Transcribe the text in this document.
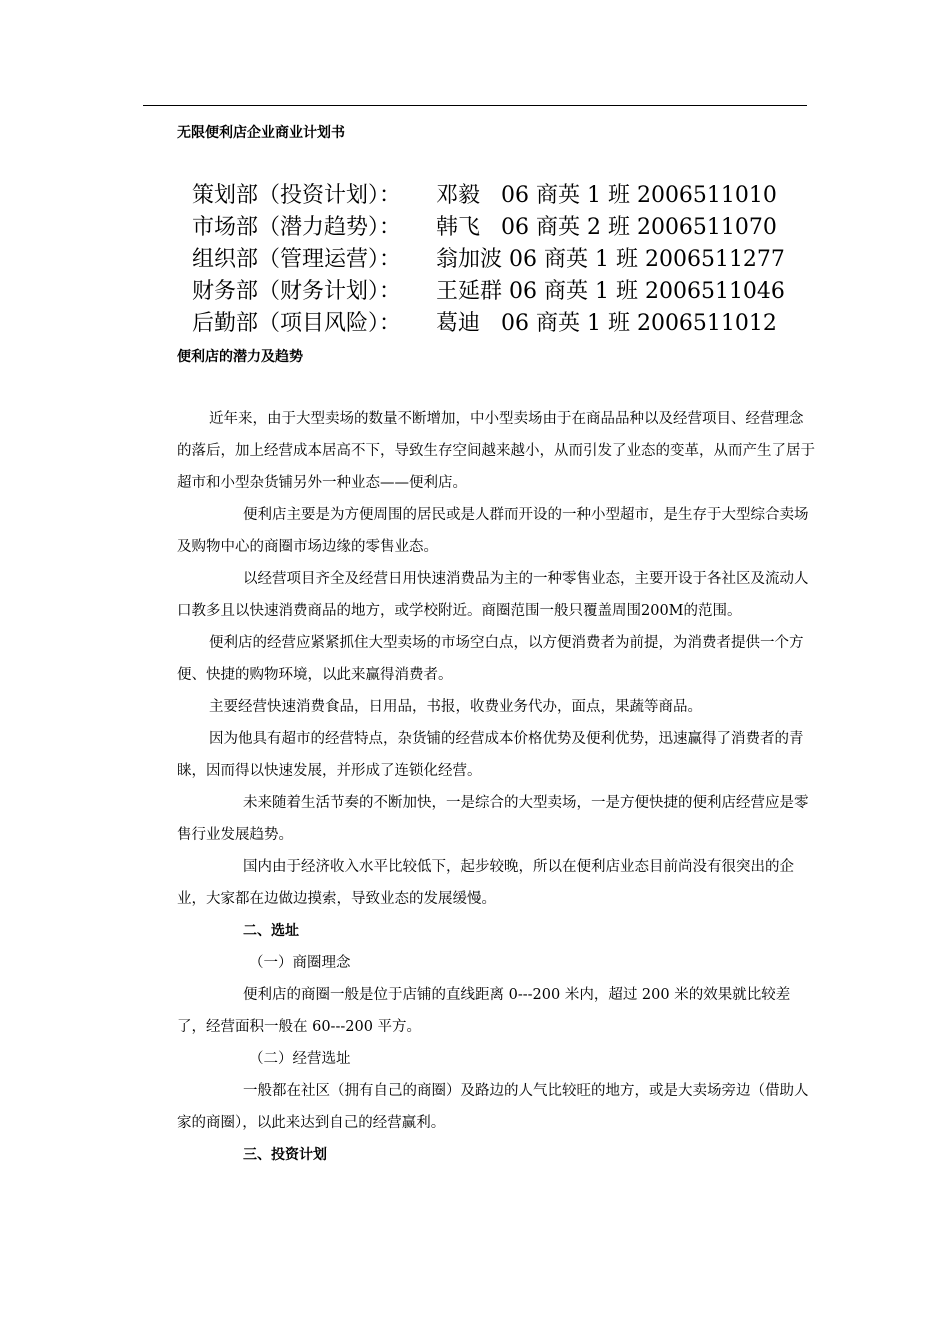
无限便利店企业商业计划书
策划部（投资计划）： 邓毅   06 商英 1 班 2006511010
市场部（潜力趋势）： 韩飞   06 商英 2 班 2006511070
组织部（管理运营）： 翁加波 06 商英 1 班 2006511277
财务部（财务计划）： 王延群 06 商英 1 班 2006511046
后勤部（项目风险）： 葛迪   06 商英 1 班 2006511012
便利店的潜力及趋势

近年来，由于大型卖场的数量不断增加，中小型卖场由于在商品品种以及经营项目、经营理念的落后，加上经营成本居高不下，导致生存空间越来越小，从而引发了业态的变革，从而产生了居于超市和小型杂货铺另外一种业态——便利店。

便利店主要是为方便周围的居民或是人群而开设的一种小型超市，是生存于大型综合卖场及购物中心的商圈市场边缘的零售业态。

以经营项目齐全及经营日用快速消费品为主的一种零售业态，主要开设于各社区及流动人口教多且以快速消费商品的地方，或学校附近。商圈范围一般只覆盖周围200M的范围。

便利店的经营应紧紧抓住大型卖场的市场空白点，以方便消费者为前提，为消费者提供一个方便、快捷的购物环境，以此来赢得消费者。

主要经营快速消费食品，日用品，书报，收费业务代办，面点，果蔬等商品。

因为他具有超市的经营特点，杂货铺的经营成本价格优势及便利优势，迅速赢得了消费者的青睐，因而得以快速发展，并形成了连锁化经营。

未来随着生活节奏的不断加快，一是综合的大型卖场，一是方便快捷的便利店经营应是零售行业发展趋势。

国内由于经济收入水平比较低下，起步较晚，所以在便利店业态目前尚没有很突出的企业，大家都在边做边摸索，导致业态的发展缓慢。

二、选址

（一）商圈理念

便利店的商圈一般是位于店铺的直线距离 0---200 米内，超过 200 米的效果就比较差了，经营面积一般在 60---200 平方。

（二）经营选址

一般都在社区（拥有自己的商圈）及路边的人气比较旺的地方，或是大卖场旁边（借助人家的商圈），以此来达到自己的经营赢利。

三、投资计划
